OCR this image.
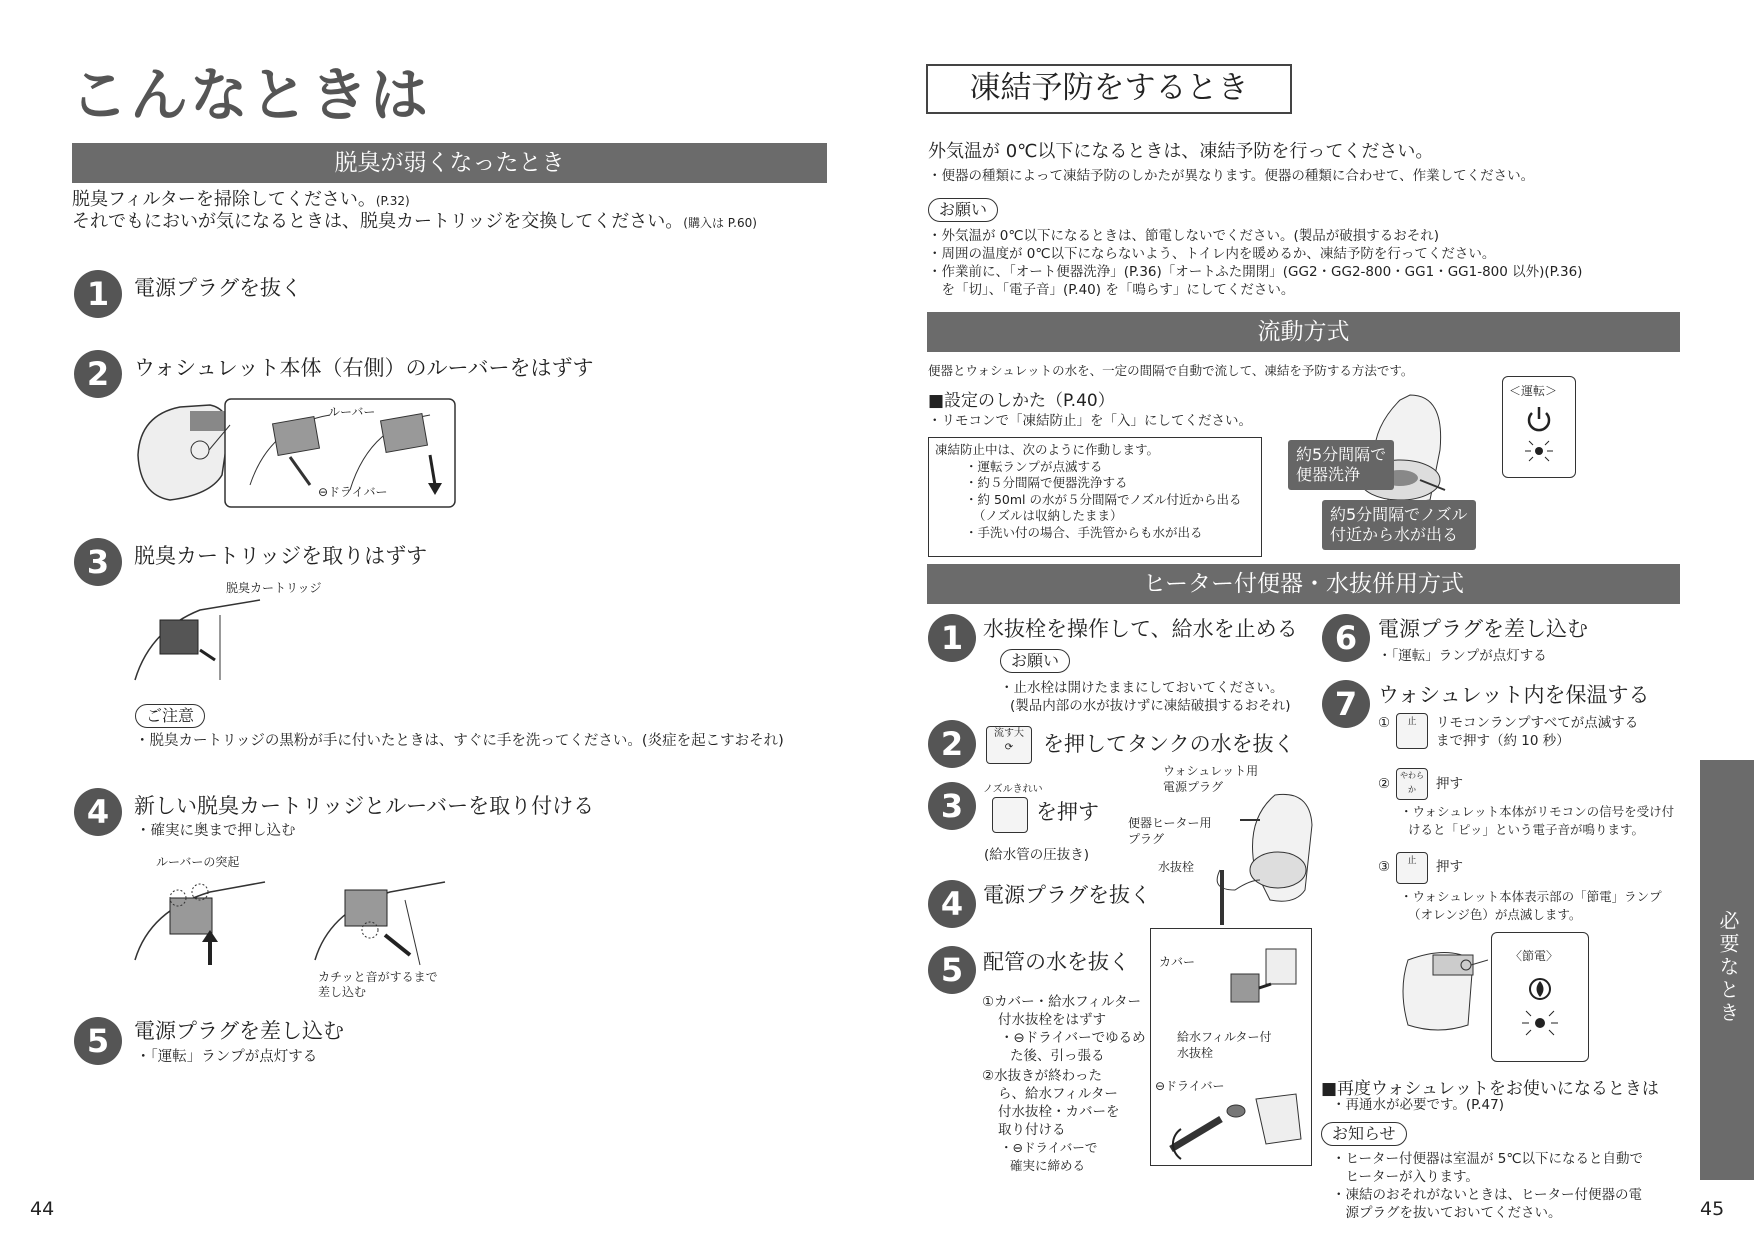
こんなときは
脱臭が弱くなったとき
脱臭フィルターを掃除してください。(P.32)
それでもにおいが気になるときは、脱臭カートリッジを交換してください。(購入は P.60)
1	電源プラグを抜く
2	ウォシュレット本体（右側）のルーバーをはずす
ルーバー
⊖ドライバー
3	脱臭カートリッジを取りはずす
脱臭カートリッジ
ご注意
・脱臭カートリッジの黒粉が手に付いたときは、すぐに手を洗ってください。(炎症を起こすおそれ)
4	新しい脱臭カートリッジとルーバーを取り付ける
・確実に奥まで押し込む
ルーバーの突起
カチッと音がするまで
差し込む
5	電源プラグを差し込む
・「運転」ランプが点灯する
44
凍結予防をするとき
外気温が 0℃以下になるときは、凍結予防を行ってください。
・便器の種類によって凍結予防のしかたが異なります。便器の種類に合わせて、作業してください。
お願い
・外気温が 0℃以下になるときは、節電しないでください。(製品が破損するおそれ)
・周囲の温度が 0℃以下にならないよう、トイレ内を暖めるか、凍結予防を行ってください。
・作業前に、「オート便器洗浄」(P.36)「オートふた開閉」(GG2・GG2-800・GG1・GG1-800 以外)(P.36)
　を「切」、「電子音」(P.40) を「鳴らす」にしてください。
流動方式
便器とウォシュレットの水を、一定の間隔で自動で流して、凍結を予防する方法です。
■設定のしかた（P.40）
・リモコンで「凍結防止」を「入」にしてください。
凍結防止中は、次のように作動します。
・運転ランプが点滅する
・約５分間隔で便器洗浄する
・約 50ml の水が５分間隔でノズル付近から出る
（ノズルは収納したまま）
・手洗い付の場合、手洗管からも水が出る
約5分間隔で
便器洗浄
約5分間隔でノズル
付近から水が出る
＜運転＞
ヒーター付便器・水抜併用方式
1 水抜栓を操作して、給水を止める
お願い
・止水栓は開けたままにしておいてください。
(製品内部の水が抜けずに凍結破損するおそれ)
2	流す大
⟳	を押してタンクの水を抜く
3	ノズルきれい
を押す
(給水管の圧抜き)
4 電源プラグを抜く
5 配管の水を抜く
①カバー・給水フィルター
付水抜栓をはずす
・⊖ドライバーでゆるめ
た後、引っ張る
②水抜きが終わった
ら、給水フィルター
付水抜栓・カバーを
取り付ける
・⊖ドライバーで
確実に締める
ウォシュレット用
電源プラグ
便器ヒーター用
プラグ
水抜栓
カバー
給水フィルター付
水抜栓
⊖ドライバー
6 電源プラグを差し込む
・「運転」ランプが点灯する
7 ウォシュレット内を保温する
①	止	リモコンランプすべてが点滅する
まで押す（約 10 秒）
②
やわらか	押す
・ウォシュレット本体がリモコンの信号を受け付
けると「ピッ」という電子音が鳴ります。
③	止	押す
・ウォシュレット本体表示部の「節電」ランプ
（オレンジ色）が点滅します。
〈節電〉
■再度ウォシュレットをお使いになるときは
・再通水が必要です。(P.47)
お知らせ
・ヒーター付便器は室温が 5℃以下になると自動で
　ヒーターが入ります。
・凍結のおそれがないときは、ヒーター付便器の電
　源プラグを抜いておいてください。
必要なとき
45
